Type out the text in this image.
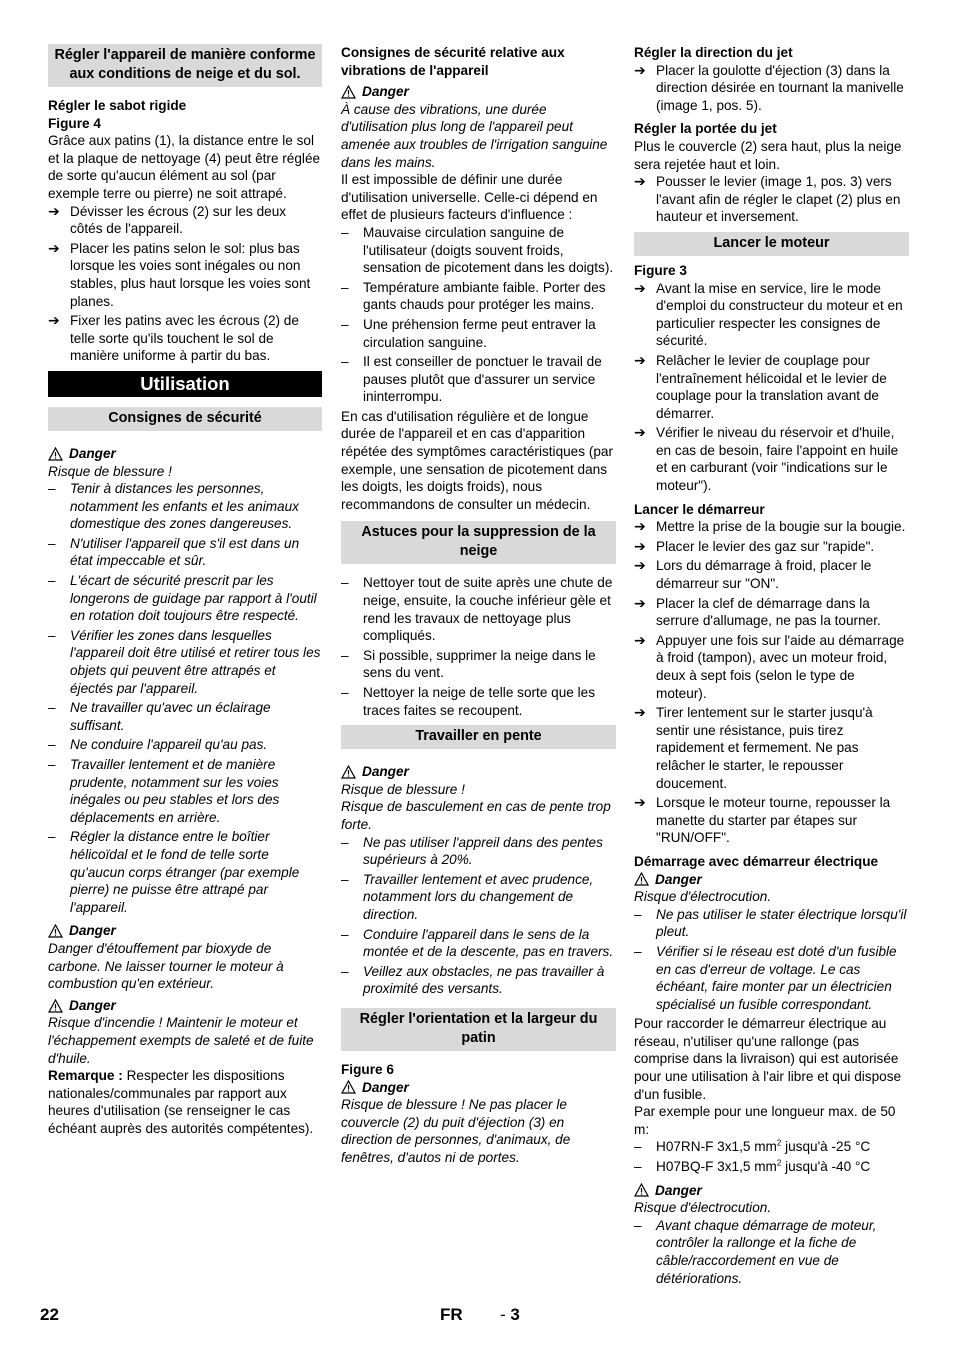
Régler l'appareil de manière conforme aux conditions de neige et du sol.

Régler le sabot rigide

Figure 4

Grâce aux patins (1), la distance entre le sol et la plaque de nettoyage (4) peut être réglée de sorte qu'aucun élément au sol (par exemple terre ou pierre) ne soit attrapé.

➔ Dévisser les écrous (2) sur les deux côtés de l'appareil.
➔ Placer les patins selon le sol: plus bas lorsque les voies sont inégales ou non stables, plus haut lorsque les voies sont planes.
➔ Fixer les patins avec les écrous (2) de telle sorte qu'ils touchent le sol de manière uniforme à partir du bas.
Utilisation
Consignes de sécurité

Danger

Risque de blessure !

– Tenir à distances les personnes, notamment les enfants et les animaux domestique des zones dangereuses.
– N'utiliser l'appareil que s'il est dans un état impeccable et sûr.
– L'écart de sécurité prescrit par les longerons de guidage par rapport à l'outil en rotation doit toujours être respecté.
– Vérifier les zones dans lesquelles l'appareil doit être utilisé et retirer tous les objets qui peuvent être attrapés et éjectés par l'appareil.
– Ne travailler qu'avec un éclairage suffisant.
– Ne conduire l'appareil qu'au pas.
– Travailler lentement et de manière prudente, notamment sur les voies inégales ou peu stables et lors des déplacements en arrière.
– Régler la distance entre le boîtier hélicoïdal et le fond de telle sorte qu'aucun corps étranger (par exemple pierre) ne puisse être attrapé par l'appareil.

Danger

Danger d'étouffement par bioxyde de carbone. Ne laisser tourner le moteur à combustion qu'en extérieur.

Danger

Risque d'incendie ! Maintenir le moteur et l'échappement exempts de saleté et de fuite d'huile.

Remarque : Respecter les dispositions nationales/communales par rapport aux heures d'utilisation (se renseigner le cas échéant auprès des autorités compétentes).

Consignes de sécurité relative aux vibrations de l'appareil

Danger

À cause des vibrations, une durée d'utilisation plus long de l'appareil peut amenée aux troubles de l'irrigation sanguine dans les mains.

Il est impossible de définir une durée d'utilisation universelle. Celle-ci dépend en effet de plusieurs facteurs d'influence :

– Mauvaise circulation sanguine de l'utilisateur (doigts souvent froids, sensation de picotement dans les doigts).
– Température ambiante faible. Porter des gants chauds pour protéger les mains.
– Une préhension ferme peut entraver la circulation sanguine.
– Il est conseiller de ponctuer le travail de pauses plutôt que d'assurer un service ininterrompu.

En cas d'utilisation régulière et de longue durée de l'appareil et en cas d'apparition répétée des symptômes caractéristiques (par exemple, une sensation de picotement dans les doigts, les doigts froids), nous recommandons de consulter un médecin.

Astuces pour la suppression de la neige
– Nettoyer tout de suite après une chute de neige, ensuite, la couche inférieur gèle et rend les travaux de nettoyage plus compliqués.
– Si possible, supprimer la neige dans le sens du vent.
– Nettoyer la neige de telle sorte que les traces faites se recoupent.
Travailler en pente

Danger

Risque de blessure !

Risque de basculement en cas de pente trop forte.

– Ne pas utiliser l'appreil dans des pentes supérieurs à 20%.
– Travailler lentement et avec prudence, notamment lors du changement de direction.
– Conduire l'appareil dans le sens de la montée et de la descente, pas en travers.
– Veillez aux obstacles, ne pas travailler à proximité des versants.
Régler l'orientation et la largeur du patin

Figure 6

Danger

Risque de blessure ! Ne pas placer le couvercle (2) du puit d'éjection (3) en direction de personnes, d'animaux, de fenêtres, d'autos ni de portes.

Régler la direction du jet

➔ Placer la goulotte d'éjection (3) dans la direction désirée en tournant la manivelle (image 1, pos. 5).

Régler la portée du jet

Plus le couvercle (2) sera haut, plus la neige sera rejetée haut et loin.

➔ Pousser le levier (image 1, pos. 3) vers l'avant afin de régler le clapet (2) plus en hauteur et inversement.
Lancer le moteur

Figure 3

➔ Avant la mise en service, lire le mode d'emploi du constructeur du moteur et en particulier respecter les consignes de sécurité.
➔ Relâcher le levier de couplage pour l'entraînement hélicoidal et le levier de couplage pour la translation avant de démarrer.
➔ Vérifier le niveau du réservoir et d'huile, en cas de besoin, faire l'appoint en huile et en carburant (voir "indications sur le moteur").

Lancer le démarreur

➔ Mettre la prise de la bougie sur la bougie.
➔ Placer le levier des gaz sur "rapide".
➔ Lors du démarrage à froid, placer le démarreur sur "ON".
➔ Placer la clef de démarrage dans la serrure d'allumage, ne pas la tourner.
➔ Appuyer une fois sur l'aide au démarrage à froid (tampon), avec un moteur froid, deux à sept fois (selon le type de moteur).
➔ Tirer lentement sur le starter jusqu'à sentir une résistance, puis tirez rapidement et fermement. Ne pas relâcher le starter, le repousser doucement.
➔ Lorsque le moteur tourne, repousser la manette du starter par étapes sur "RUN/OFF".

Démarrage avec démarreur électrique

Danger

Risque d'électrocution.

– Ne pas utiliser le stater électrique lorsqu'il pleut.
– Vérifier si le réseau est doté d'un fusible en cas d'erreur de voltage. Le cas échéant, faire monter par un électricien spécialisé un fusible correspondant.

Pour raccorder le démarreur électrique au réseau, n'utiliser qu'une rallonge (pas comprise dans la livraison) qui est autorisée pour une utilisation à l'air libre et qui dispose d'un fusible.

Par exemple pour une longueur max. de 50 m:

– H07RN-F 3x1,5 $mm^2$ jusqu'à -25 °C
– H07BQ-F 3x1,5 $mm^2$ jusqu'à -40 °C

Danger

Risque d'électrocution.

– Avant chaque démarrage de moteur, contrôler la rallonge et la fiche de câble/raccordement en vue de détériorations.
22	FR - 3
